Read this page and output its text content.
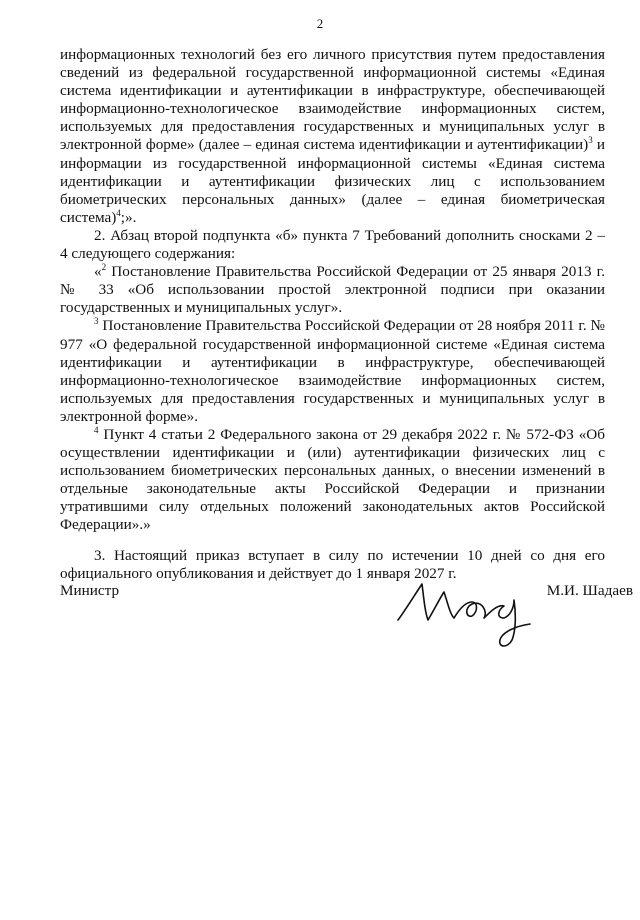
2

информационных технологий без его личного присутствия путем предоставления сведений из федеральной государственной информационной системы «Единая система идентификации и аутентификации в инфраструктуре, обеспечивающей информационно-технологическое взаимодействие информационных систем, используемых для предоставления государственных и муниципальных услуг в электронной форме» (далее – единая система идентификации и аутентификации)$^3$ и информации из государственной информационной системы «Единая система идентификации и аутентификации физических лиц с использованием биометрических персональных данных» (далее – единая биометрическая система)$^4$;».

2. Абзац второй подпункта «б» пункта 7 Требований дополнить сносками 2 – 4 следующего содержания:

«$^2$ Постановление Правительства Российской Федерации от 25 января 2013 г. № 33 «Об использовании простой электронной подписи при оказании государственных и муниципальных услуг».

$^3$ Постановление Правительства Российской Федерации от 28 ноября 2011 г. № 977 «О федеральной государственной информационной системе «Единая система идентификации и аутентификации в инфраструктуре, обеспечивающей информационно-технологическое взаимодействие информационных систем, используемых для предоставления государственных и муниципальных услуг в электронной форме».

$^4$ Пункт 4 статьи 2 Федерального закона от 29 декабря 2022 г. № 572-ФЗ «Об осуществлении идентификации и (или) аутентификации физических лиц с использованием биометрических персональных данных, о внесении изменений в отдельные законодательные акты Российской Федерации и признании утратившими силу отдельных положений законодательных актов Российской Федерации».»

3. Настоящий приказ вступает в силу по истечении 10 дней со дня его официального опубликования и действует до 1 января 2027 г.

Министр	М.И. Шадаев
